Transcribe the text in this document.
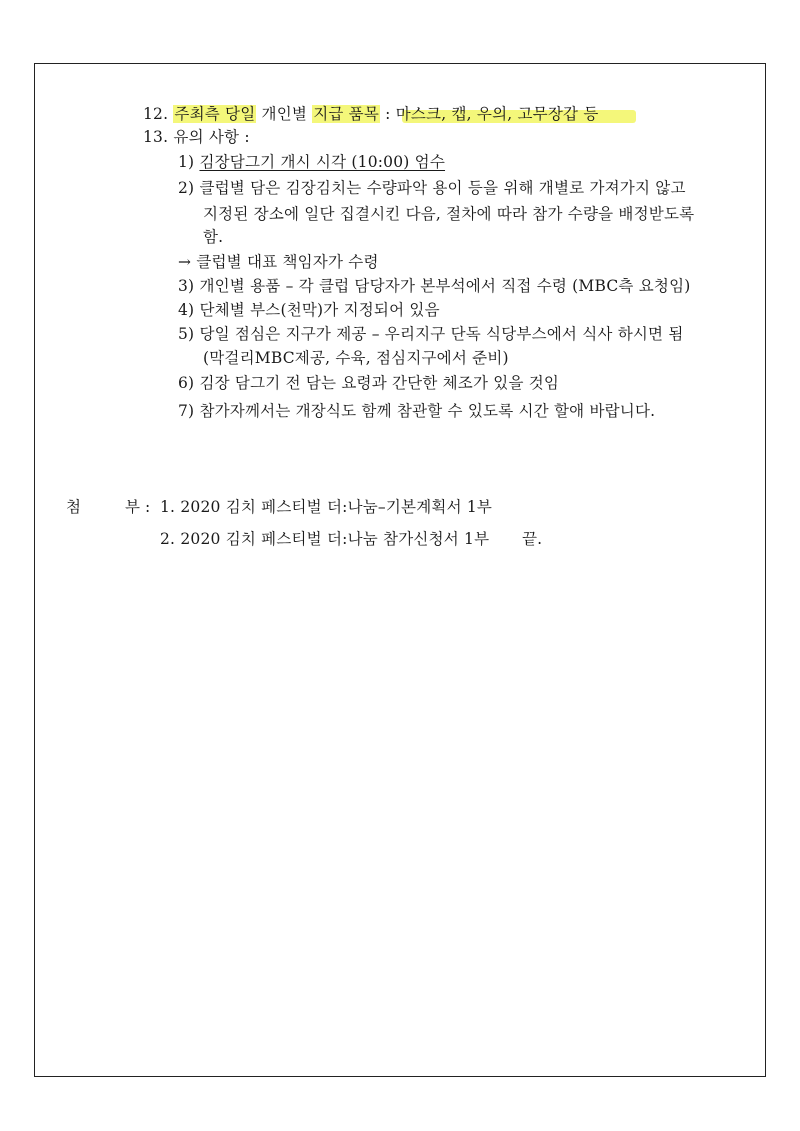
12. 주최측 당일 개인별 지급 품목 : 마스크, 캡, 우의, 고무장갑 등
13. 유의 사항 :
1) 김장담그기 개시 시각 (10:00) 엄수
2) 클럽별 담은 김장김치는 수량파악 용이 등을 위해 개별로 가져가지 않고
지정된 장소에 일단 집결시킨 다음, 절차에 따라 참가 수량을 배정받도록
함.
→ 클럽별 대표 책임자가 수령
3) 개인별 용품 – 각 클럽 담당자가 본부석에서 직접 수령 (MBC측 요청임)
4) 단체별 부스(천막)가 지정되어 있음
5) 당일 점심은 지구가 제공 – 우리지구 단독 식당부스에서 식사 하시면 됨
(막걸리MBC제공, 수육, 점심지구에서 준비)
6) 김장 담그기 전 담는 요령과 간단한 체조가 있을 것임
7) 참가자께서는 개장식도 함께 참관할 수 있도록 시간 할애 바랍니다.
첨	부 : 1. 2020 김치 페스티벌 더:나눔–기본계획서 1부
2. 2020 김치 페스티벌 더:나눔 참가신청서 1부 끝.
